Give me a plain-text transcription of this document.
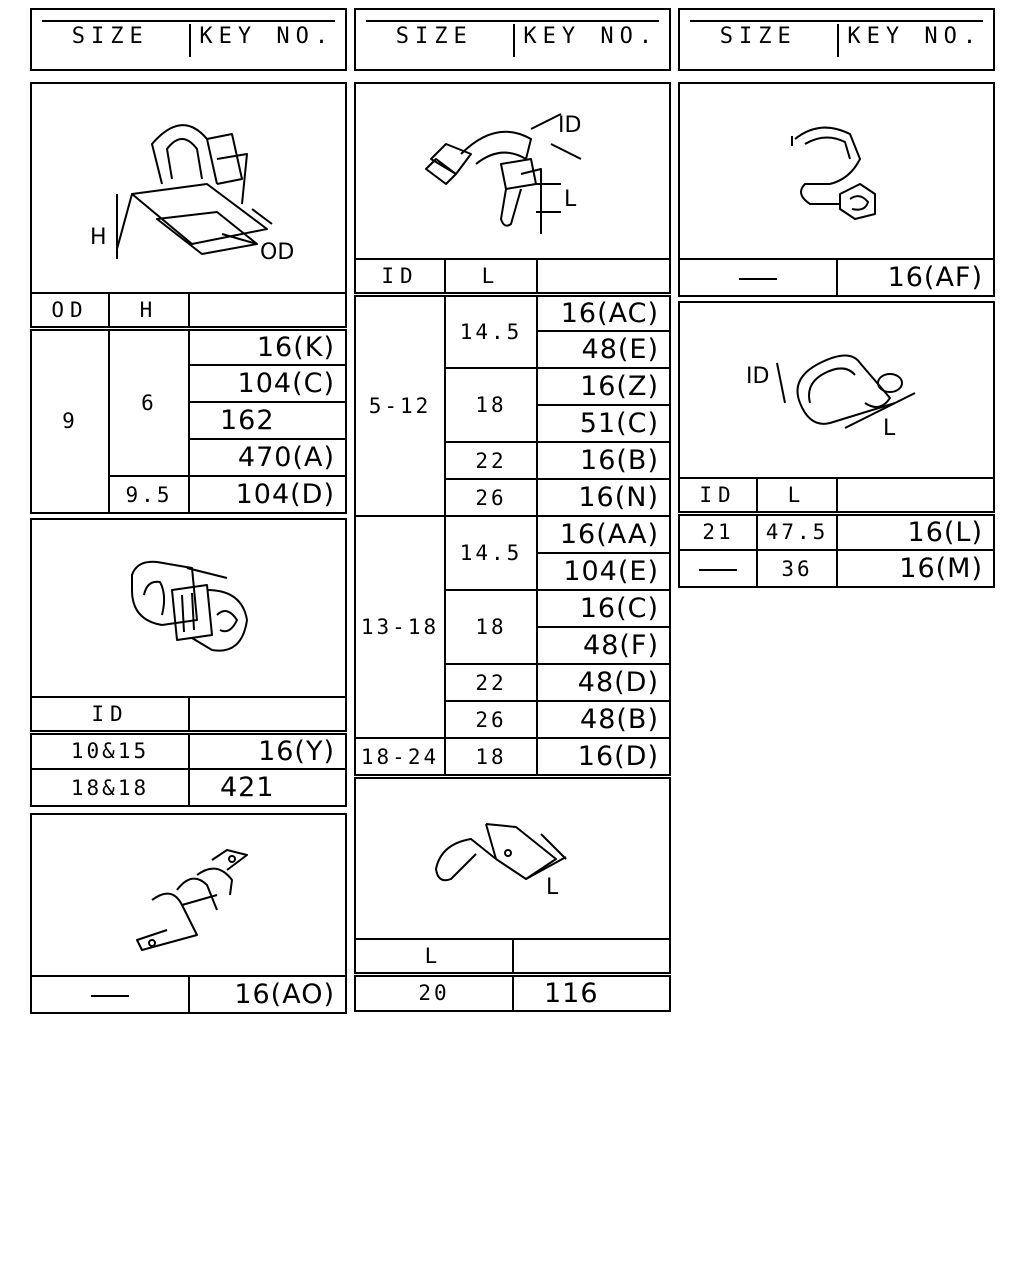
SIZE	KEY NO.	SIZE	KEY NO.	SIZE	KEY NO.
H
OD
OD	H	
9	6	16(K)
		104(C)
		162
		470(A)
	9.5	104(D)
ID
L
ID	L	
5-12	14.5	16(AC)
		48(E)
	18	16(Z)
		51(C)
	22	16(B)
	26	16(N)
13-18	14.5	16(AA)
		104(E)
	18	16(C)
		48(F)
	22	48(D)
	26	48(B)
18-24	18	16(D)
	16(AF)
ID
L
ID	L	
21	47.5	16(L)
	36	16(M)
ID	
10&15	16(Y)
18&18	421
L
L	
20	116
	16(AO)
